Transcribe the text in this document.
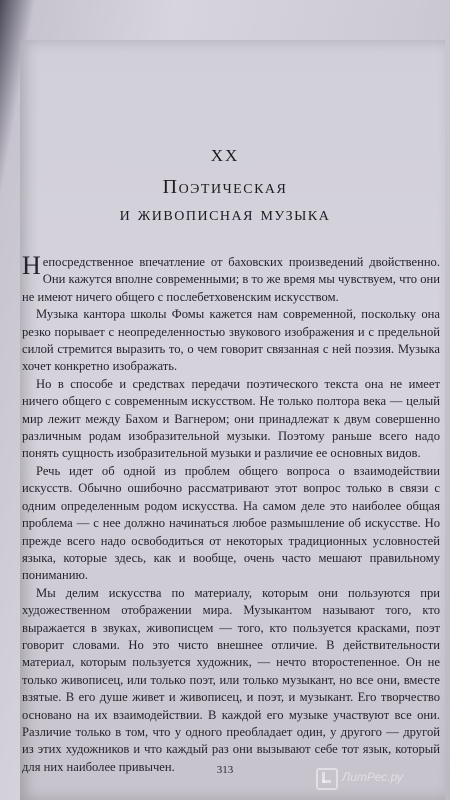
XX
Поэтическая
и живописная музыка

Непосредственное впечатление от баховских произведений двойственно. Они кажутся вполне современными; в то же время мы чувствуем, что они не имеют ничего общего с послебетховенским искусством.

Музыка кантора школы Фомы кажется нам современной, поскольку она резко порывает с неопределенностью звукового изображения и с предельной силой стремится выразить то, о чем говорит связанная с ней поэзия. Музыка хочет конкретно изображать.

Но в способе и средствах передачи поэтического текста она не имеет ничего общего с современным искусством. Не только полтора века — целый мир лежит между Бахом и Вагнером; они принадлежат к двум совершенно различным родам изобразительной музыки. Поэтому раньше всего надо понять сущность изобразительной музыки и различие ее основных видов.

Речь идет об одной из проблем общего вопроса о взаимодействии искусств. Обычно ошибочно рассматривают этот вопрос только в связи с одним определенным родом искусства. На самом деле это наиболее общая проблема — с нее должно начинаться любое размышление об искусстве. Но прежде всего надо освободиться от некоторых традиционных условностей языка, которые здесь, как и вообще, очень часто мешают правильному пониманию.

Мы делим искусства по материалу, которым они пользуются при художественном отображении мира. Музыкантом называют того, кто выражается в звуках, живописцем — того, кто пользуется красками, поэт говорит словами. Но это чисто внешнее отличие. В действительности материал, которым пользуется художник, — нечто второстепенное. Он не только живописец, или только поэт, или только музыкант, но все они, вместе взятые. В его душе живет и живописец, и поэт, и музыкант. Его творчество основано на их взаимодействии. В каждой его музыке участвуют все они. Различие только в том, что у одного преобладает один, у другого — другой из этих художников и что каждый раз они вызывают себе тот язык, который для них наиболее привычен.	313	ЛитРес.ру
